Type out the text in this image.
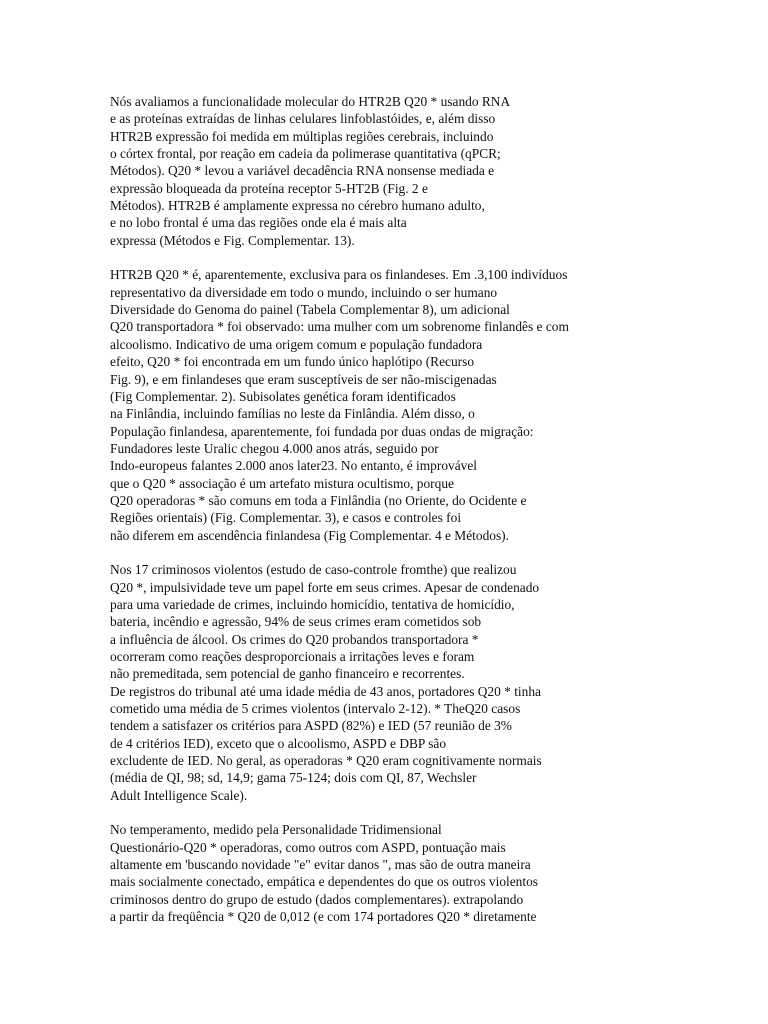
Nós avaliamos a funcionalidade molecular do HTR2B Q20 * usando RNA
e as proteínas extraídas de linhas celulares linfoblastóides, e, além disso
HTR2B expressão foi medida em múltiplas regiões cerebrais, incluindo
o córtex frontal, por reação em cadeia da polimerase quantitativa (qPCR;
Métodos). Q20 * levou a variável decadência RNA nonsense mediada e
expressão bloqueada da proteína receptor 5-HT2B (Fig. 2 e
Métodos). HTR2B é amplamente expressa no cérebro humano adulto,
e no lobo frontal é uma das regiões onde ela é mais alta
expressa (Métodos e Fig. Complementar. 13).

HTR2B Q20 * é, aparentemente, exclusiva para os finlandeses. Em .3,100 indivíduos
representativo da diversidade em todo o mundo, incluindo o ser humano
Diversidade do Genoma do painel (Tabela Complementar 8), um adicional
Q20 transportadora * foi observado: uma mulher com um sobrenome finlandês e com
alcoolismo. Indicativo de uma origem comum e população fundadora
efeito, Q20 * foi encontrada em um fundo único haplótipo (Recurso
Fig. 9), e em finlandeses que eram susceptíveis de ser não-miscigenadas
(Fig Complementar. 2). Subisolates genética foram identificados
na Finlândia, incluindo famílias no leste da Finlândia. Além disso, o
População finlandesa, aparentemente, foi fundada por duas ondas de migração:
Fundadores leste Uralic chegou 4.000 anos atrás, seguido por
Indo-europeus falantes 2.000 anos later23. No entanto, é improvável
que o Q20 * associação é um artefato mistura ocultismo, porque
Q20 operadoras * são comuns em toda a Finlândia (no Oriente, do Ocidente e
Regiões orientais) (Fig. Complementar. 3), e casos e controles foi
não diferem em ascendência finlandesa (Fig Complementar. 4 e Métodos).

Nos 17 criminosos violentos (estudo de caso-controle fromthe) que realizou
Q20 *, impulsividade teve um papel forte em seus crimes. Apesar de condenado
para uma variedade de crimes, incluindo homicídio, tentativa de homicídio,
bateria, incêndio e agressão, 94% de seus crimes eram cometidos sob
a influência de álcool. Os crimes do Q20 probandos transportadora *
ocorreram como reações desproporcionais a irritações leves e foram
não premeditada, sem potencial de ganho financeiro e recorrentes.
De registros do tribunal até uma idade média de 43 anos, portadores Q20 * tinha
cometido uma média de 5 crimes violentos (intervalo 2-12). * TheQ20 casos
tendem a satisfazer os critérios para ASPD (82%) e IED (57 reunião de 3%
de 4 critérios IED), exceto que o alcoolismo, ASPD e DBP são
excludente de IED. No geral, as operadoras * Q20 eram cognitivamente normais
(média de QI, 98; sd, 14,9; gama 75-124; dois com QI, 87, Wechsler
Adult Intelligence Scale).

No temperamento, medido pela Personalidade Tridimensional
Questionário-Q20 * operadoras, como outros com ASPD, pontuação mais
altamente em 'buscando novidade "e" evitar danos ", mas são de outra maneira
mais socialmente conectado, empática e dependentes do que os outros violentos
criminosos dentro do grupo de estudo (dados complementares). extrapolando
a partir da freqüência * Q20 de 0,012 (e com 174 portadores Q20 * diretamente
